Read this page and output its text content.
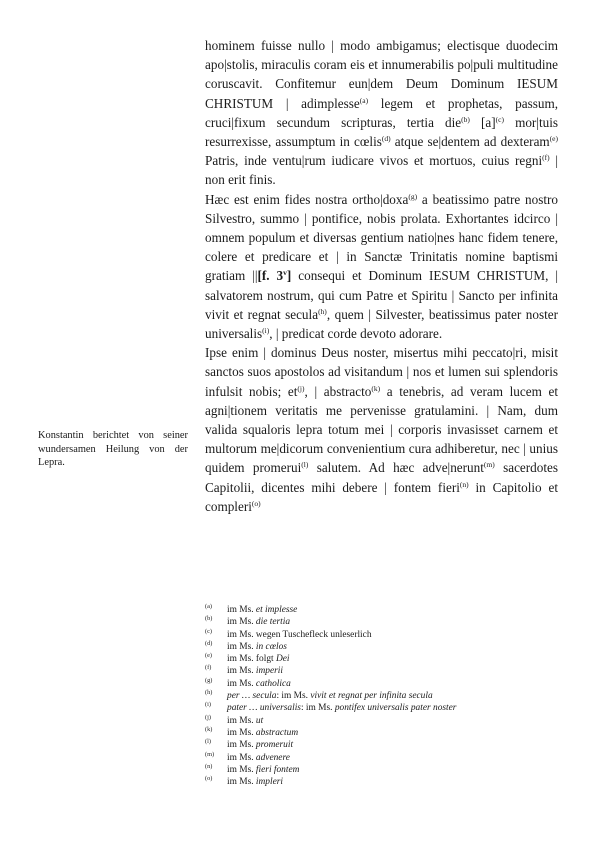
Konstantin berichtet von seiner wundersamen Heilung von der Lepra.

hominem fuisse nullo | modo ambigamus; electisque duodecim apo|stolis, miraculis coram eis et innumerabilis po|puli multitudine coruscavit. Confitemur eun|dem Deum Dominum IESUM CHRISTUM | adimplesse$^{(a)}$ legem et prophetas, passum, cruci|fixum secundum scripturas, tertia die$^{(b)}$ $[a]^{(c)}$ mor|tuis resurrexisse, assumptum in cœlis$^{(d)}$ atque se|dentem ad dexteram$^{(e)}$ Patris, inde ventu|rum iudicare vivos et mortuos, cuius regni$^{(f)}$ | non erit finis.

Hæc est enim fides nostra ortho|doxa$^{(g)}$ a beatissimo patre nostro Silvestro, summo | pontifice, nobis prolata. Exhortantes idcirco | omnem populum et diversas gentium natio|nes hanc fidem tenere, colere et predicare et | in Sanctæ Trinitatis nomine baptismi gratiam ||[f. 3$^v$] consequi et Dominum IESUM CHRISTUM, | salvatorem nostrum, qui cum Patre et Spiritu | Sancto per infinita vivit et regnat secula$^{(h)}$, quem | Silvester, beatissimus pater noster universalis$^{(i)}$, | predicat corde devoto adorare.

Ipse enim | dominus Deus noster, misertus mihi peccato|ri, misit sanctos suos apostolos ad visitandum | nos et lumen sui splendoris infulsit nobis; $et^{(j)}$, | abstracto$^{(k)}$ a tenebris, ad veram lucem et agni|tionem veritatis me pervenisse gratulamini. | Nam, dum valida squaloris lepra totum mei | corporis invasisset carnem et multorum me|dicorum convenientium cura adhiberetur, nec | unius quidem promerui$^{(l)}$ salutem. Ad hæc adve|nerunt$^{(m)}$ sacerdotes Capitolii, dicentes mihi debere | fontem fieri$^{(n)}$ in Capitolio et compleri$^{(o)}$

(a) im Ms. et implesse
(b) im Ms. die tertia
(c) im Ms. wegen Tuschefleck unleserlich
(d) im Ms. in cœlos
(e) im Ms. folgt Dei
(f) im Ms. imperii
(g) im Ms. catholica
(h) per … secula: im Ms. vivit et regnat per infinita secula
(i) pater … universalis: im Ms. pontifex universalis pater noster
(j) im Ms. ut
(k) im Ms. abstractum
(l) im Ms. promeruit
(m) im Ms. advenere
(n) im Ms. fieri fontem
(o) im Ms. impleri
